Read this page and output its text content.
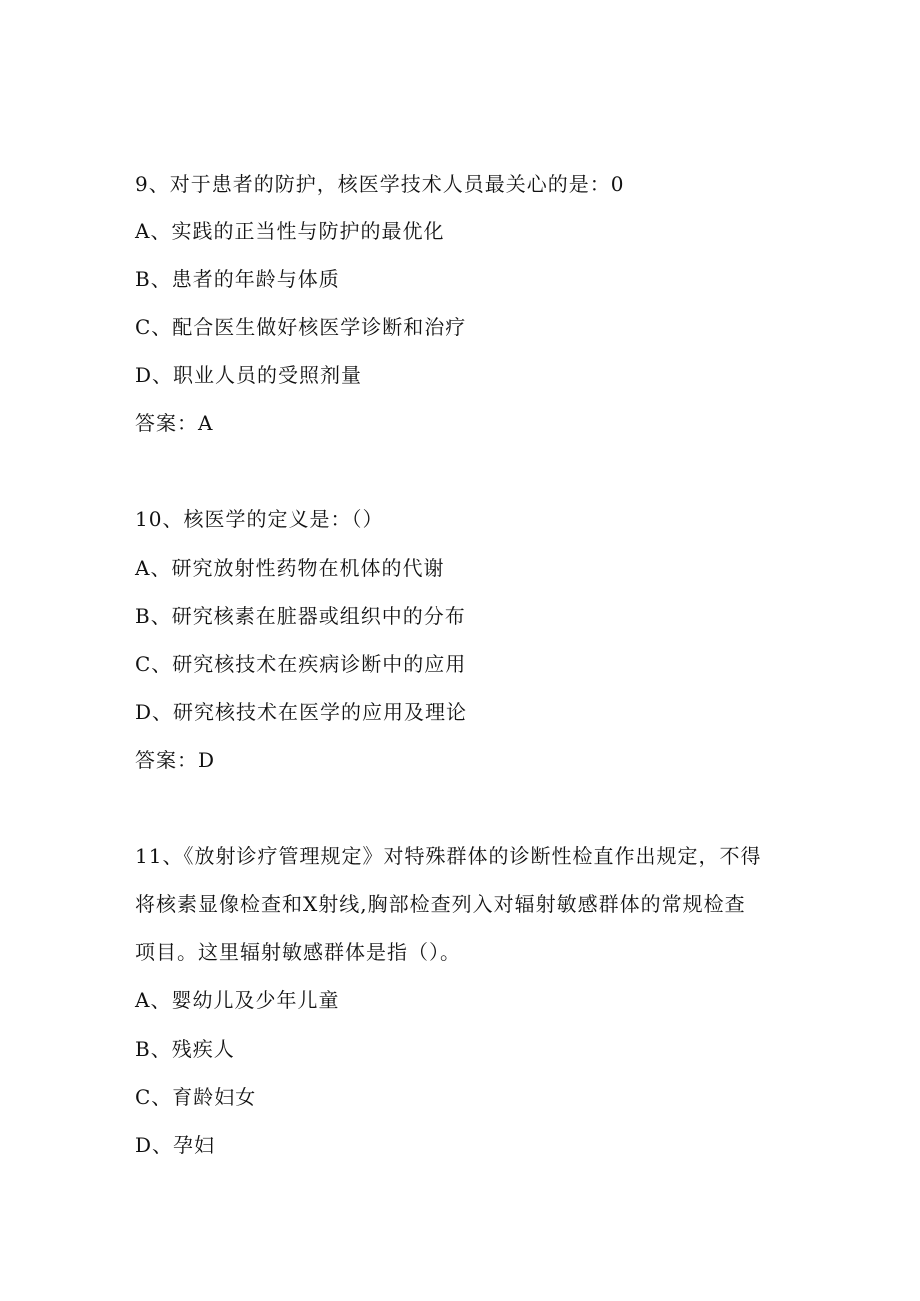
9、对于患者的防护，核医学技术人员最关心的是：0
A、实践的正当性与防护的最优化
B、患者的年龄与体质
C、配合医生做好核医学诊断和治疗
D、职业人员的受照剂量
答案：A
10、核医学的定义是：（）
A、研究放射性药物在机体的代谢
B、研究核素在脏器或组织中的分布
C、研究核技术在疾病诊断中的应用
D、研究核技术在医学的应用及理论
答案：D
11、《放射诊疗管理规定》对特殊群体的诊断性检直作出规定，不得
将核素显像检查和X射线,胸部检查列入对辐射敏感群体的常规检查
项目。这里辐射敏感群体是指（）。
A、婴幼儿及少年儿童
B、残疾人
C、育龄妇女
D、孕妇
